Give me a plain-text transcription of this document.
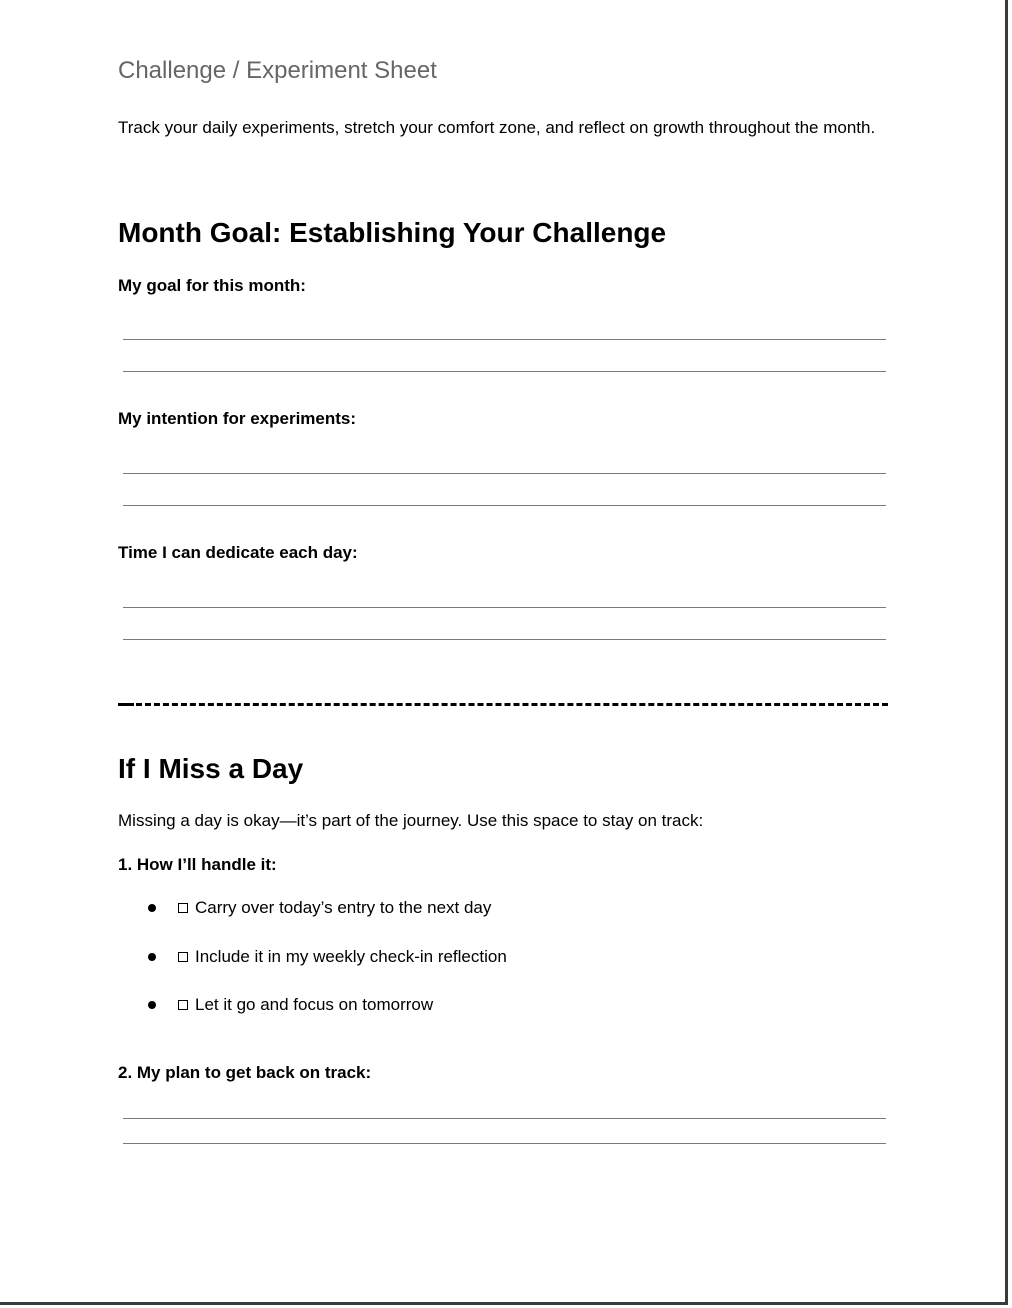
Challenge / Experiment Sheet
Track your daily experiments, stretch your comfort zone, and reflect on growth throughout the month.
Month Goal: Establishing Your Challenge
My goal for this month:
My intention for experiments:
Time I can dedicate each day:
If I Miss a Day
Missing a day is okay—it’s part of the journey. Use this space to stay on track:
1. How I’ll handle it:
Carry over today’s entry to the next day
Include it in my weekly check-in reflection
Let it go and focus on tomorrow
2. My plan to get back on track:
